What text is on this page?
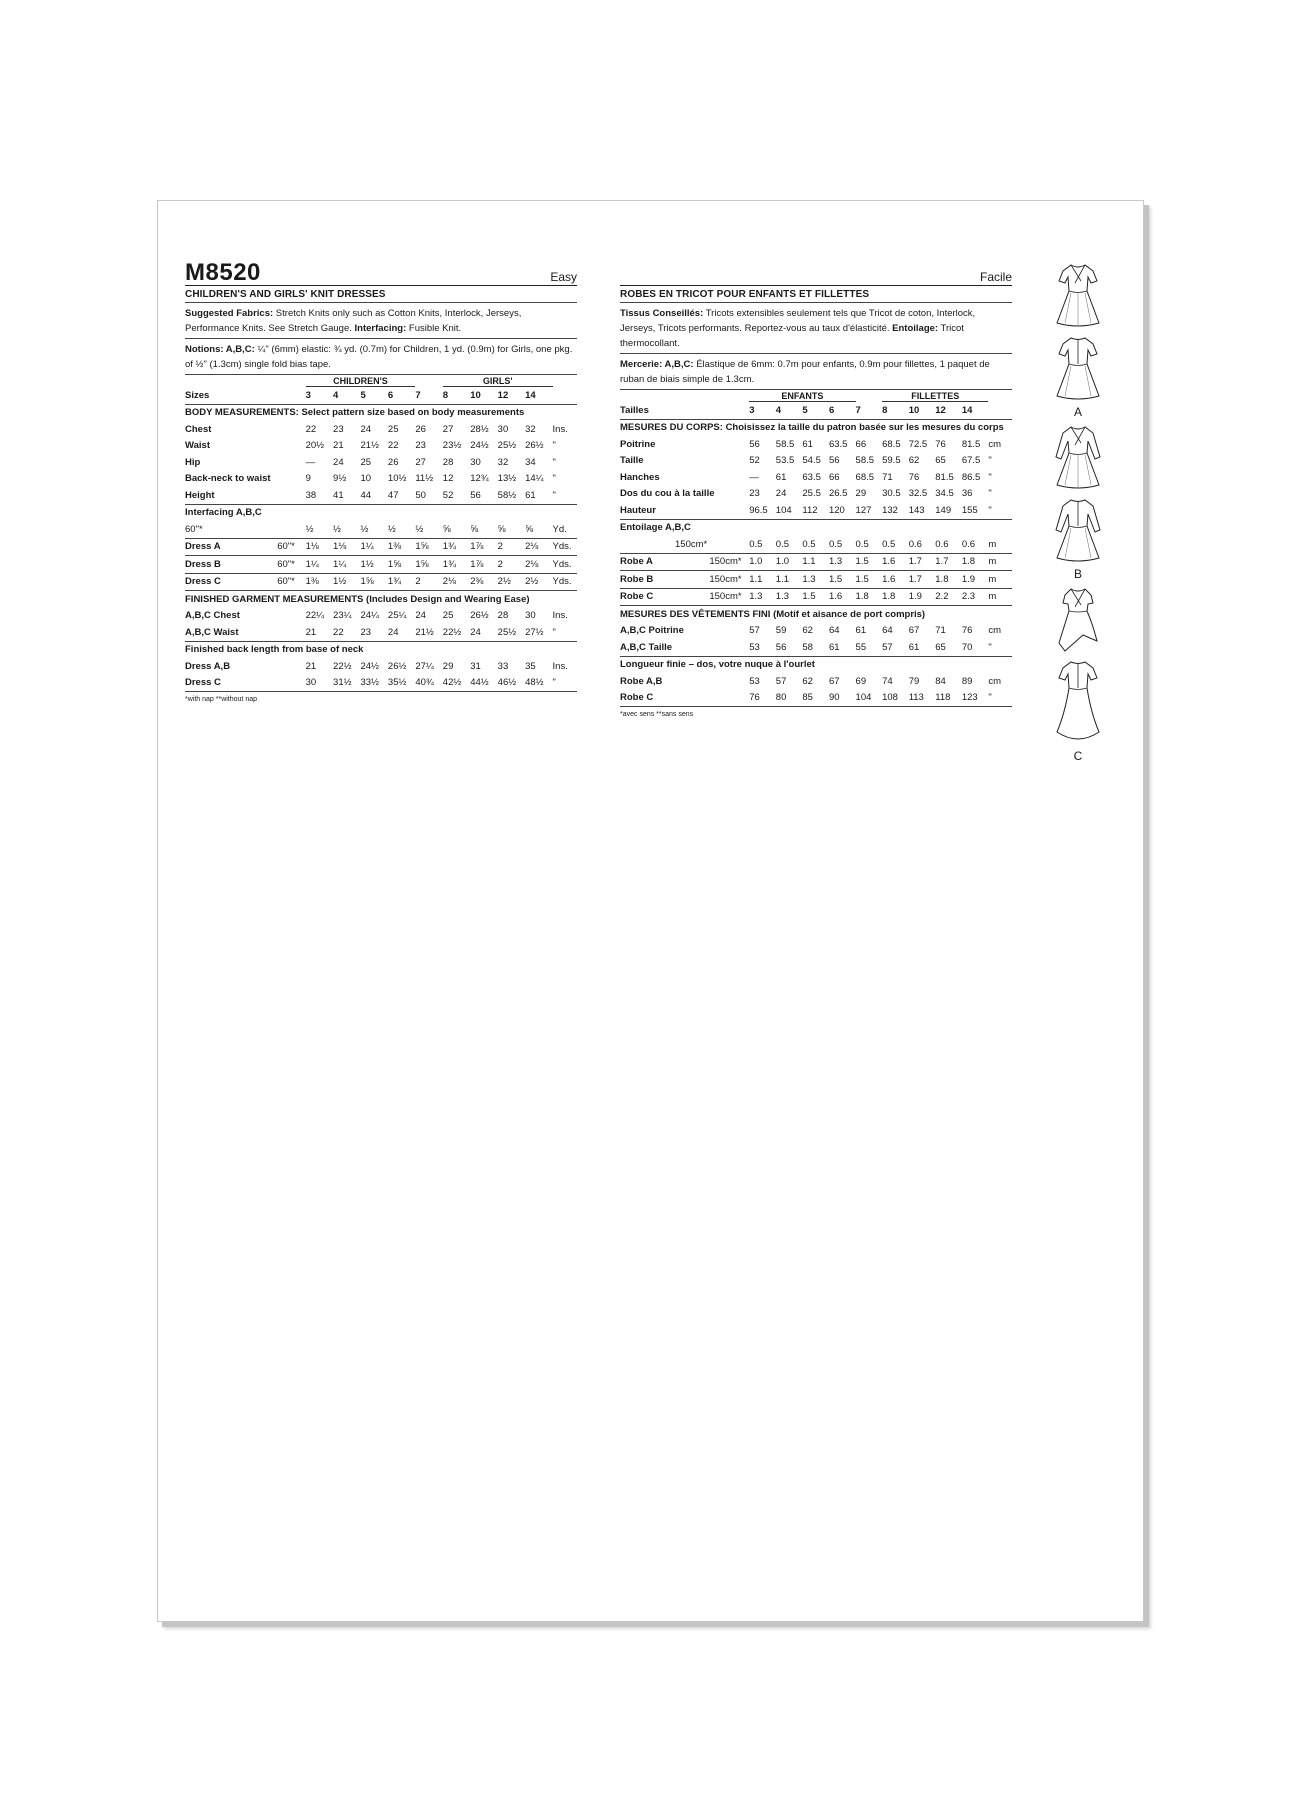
M8520	Easy
CHILDREN'S AND GIRLS' KNIT DRESSES
Suggested Fabrics: Stretch Knits only such as Cotton Knits, Interlock, Jerseys, Performance Knits. See Stretch Gauge. Interfacing: Fusible Knit.
Notions: A,B,C: ¼" (6mm) elastic: ¾ yd. (0.7m) for Children, 1 yd. (0.9m) for Girls, one pkg. of ½" (1.3cm) single fold bias tape.
		CHILDREN'S					GIRLS'				
Sizes		3	4	5	6	7	8	10	12	14	
BODY MEASUREMENTS: Select pattern size based on body measurements											
Chest		22	23	24	25	26	27	28½	30	32	Ins.
Waist		20½	21	21½	22	23	23½	24½	25½	26½	"
Hip		—	24	25	26	27	28	30	32	34	"
Back-neck to waist		9	9½	10	10½	11½	12	12¾	13½	14¼	"
Height		38	41	44	47	50	52	56	58½	61	"
Interfacing A,B,C											
60"*		½	½	½	½	½	⅝	⅝	⅝	⅝	Yd.
Dress A	60"*	1⅛	1⅛	1¼	1⅜	1⅝	1¾	1⅞	2	2⅛	Yds.
Dress B	60"*	1¼	1¼	1½	1⅝	1⅝	1¾	1⅞	2	2⅛	Yds.
Dress C	60"*	1⅜	1½	1⅝	1¾	2	2⅛	2⅜	2½	2½	Yds.
FINISHED GARMENT MEASUREMENTS (Includes Design and Wearing Ease)											
A,B,C Chest		22¼	23¼	24¼	25¼	24	25	26½	28	30	Ins.
A,B,C Waist		21	22	23	24	21½	22½	24	25½	27½	"
Finished back length from base of neck											
Dress A,B		21	22½	24½	26½	27¼	29	31	33	35	Ins.
Dress C		30	31½	33½	35½	40¾	42½	44½	46½	48½	"
*with nap **without nap
Facile
ROBES EN TRICOT POUR ENFANTS ET FILLETTES
Tissus Conseillés: Tricots extensibles seulement tels que Tricot de coton, Interlock, Jerseys, Tricots performants. Reportez-vous au taux d'élasticité. Entoilage: Tricot thermocollant.
Mercerie: A,B,C: Élastique de 6mm: 0.7m pour enfants, 0.9m pour fillettes, 1 paquet de ruban de biais simple de 1.3cm.
		ENFANTS					FILLETTES				
Tailles		3	4	5	6	7	8	10	12	14	
MESURES DU CORPS: Choisissez la taille du patron basée sur les mesures du corps											
Poitrine		56	58.5	61	63.5	66	68.5	72.5	76	81.5	cm
Taille		52	53.5	54.5	56	58.5	59.5	62	65	67.5	"
Hanches		—	61	63.5	66	68.5	71	76	81.5	86.5	"
Dos du cou à la taille		23	24	25.5	26.5	29	30.5	32.5	34.5	36	"
Hauteur		96.5	104	112	120	127	132	143	149	155	"
Entoilage A,B,C											
150cm*		0.5	0.5	0.5	0.5	0.5	0.5	0.6	0.6	0.6	m
Robe A	150cm*	1.0	1.0	1.1	1.3	1.5	1.6	1.7	1.7	1.8	m
Robe B	150cm*	1.1	1.1	1.3	1.5	1.5	1.6	1.7	1.8	1.9	m
Robe C	150cm*	1.3	1.3	1.5	1.6	1.8	1.8	1.9	2.2	2.3	m
MESURES DES VÊTEMENTS FINI (Motif et aisance de port compris)											
A,B,C Poitrine		57	59	62	64	61	64	67	71	76	cm
A,B,C Taille		53	56	58	61	55	57	61	65	70	"
Longueur finie – dos, votre nuque à l'ourlet											
Robe A,B		53	57	62	67	69	74	79	84	89	cm
Robe C		76	80	85	90	104	108	113	118	123	"
*avec sens **sans sens
A
B
C
